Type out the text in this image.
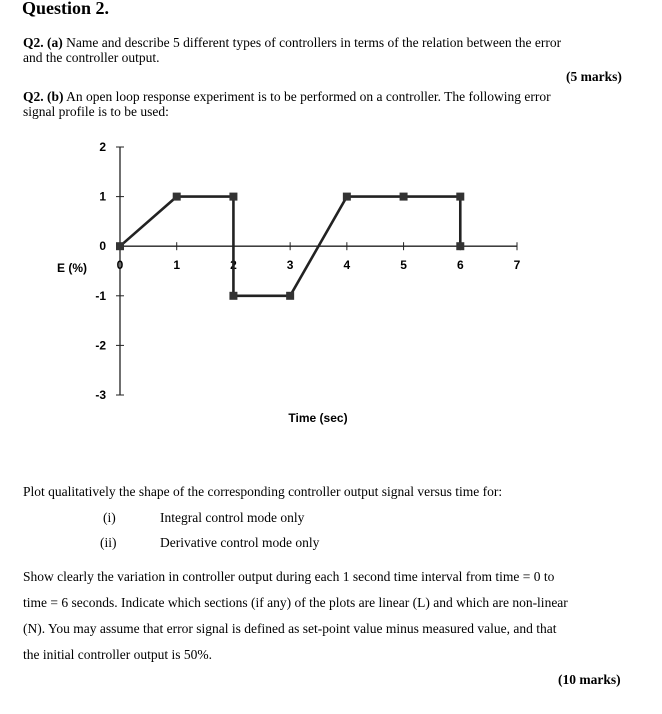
Question 2.
Q2. (a) Name and describe 5 different types of controllers in terms of the relation between the error
and the controller output.
(5 marks)
Q2. (b) An open loop response experiment is to be performed on a controller. The following error
signal profile is to be used:
2
1
0
-1
-2
-3
0	1	2	3	4	5	6	7
E (%)
Time (sec)
Plot qualitatively the shape of the corresponding controller output signal versus time for:
(i)	Integral control mode only
(ii)	Derivative control mode only
Show clearly the variation in controller output during each 1 second time interval from time = 0 to
time = 6 seconds. Indicate which sections (if any) of the plots are linear (L) and which are non-linear
(N). You may assume that error signal is defined as set-point value minus measured value, and that
the initial controller output is 50%.
(10 marks)
